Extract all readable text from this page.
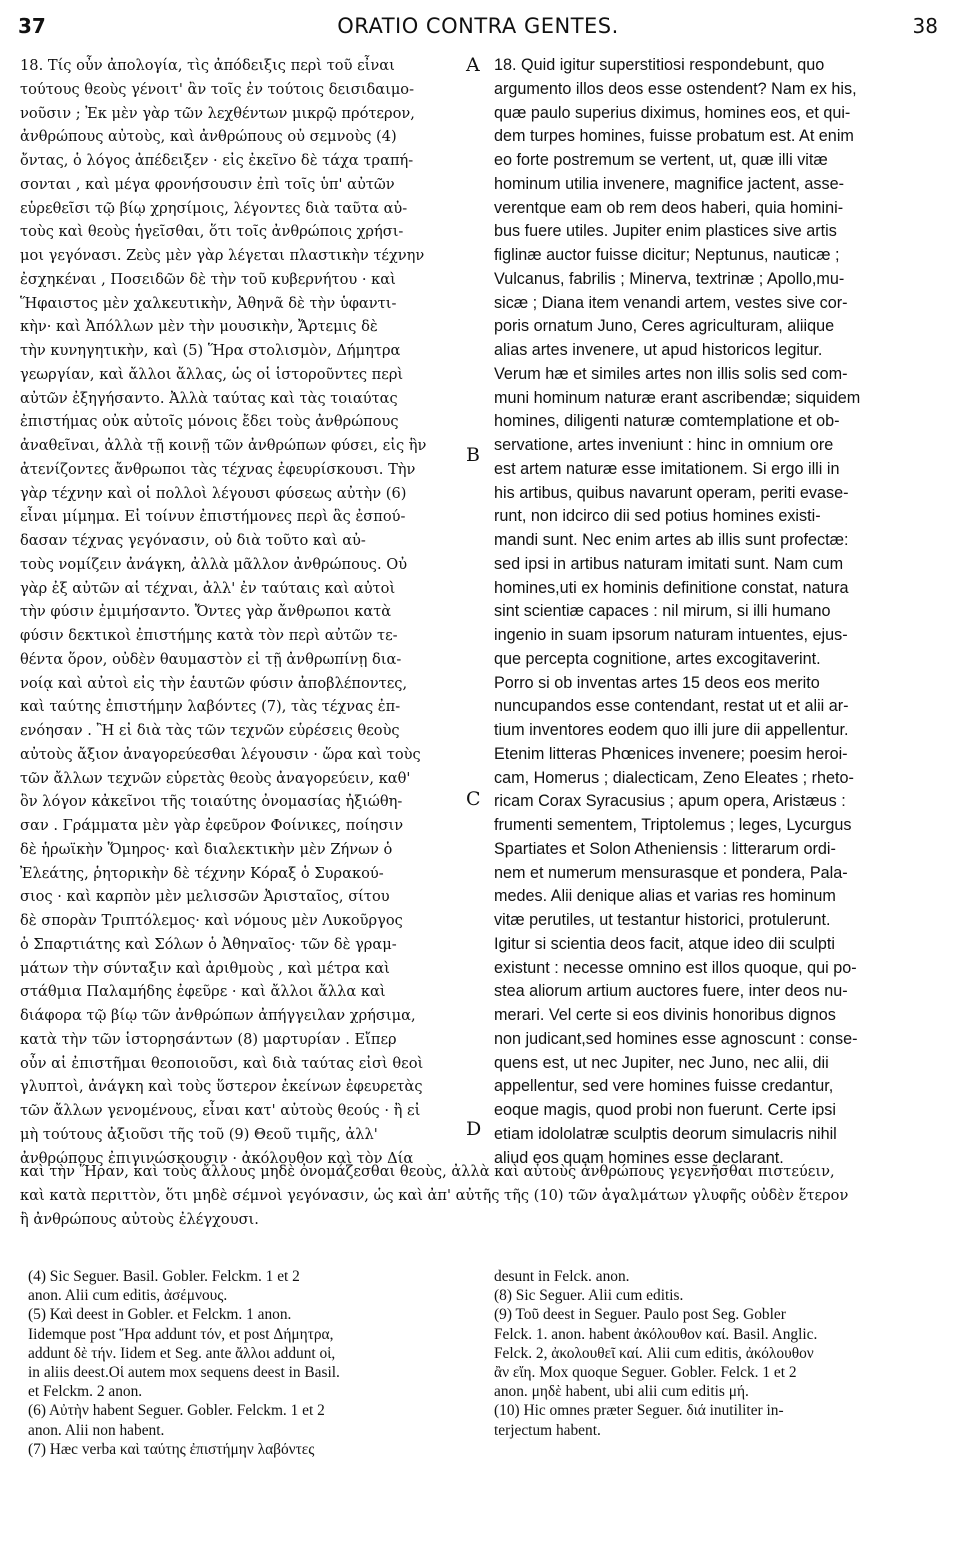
37	ORATIO CONTRA GENTES.	38
18. Τίς οὖν ἀπολογία, τὶς ἀπόδειξις περὶ τοῦ εἶναι
τούτους θεοὺς γένοιτ' ἂν τοῖς ἐν τούτοις δεισιδαιμο-
νοῦσιν ; Ἐκ μὲν γὰρ τῶν λεχθέντων μικρῷ πρότερον,
ἀνθρώπους αὐτοὺς, καὶ ἀνθρώπους οὐ σεμνοὺς (4)
ὄντας, ὁ λόγος ἀπέδειξεν · εἰς ἐκεῖνο δὲ τάχα τραπή-
σονται , καὶ μέγα φρονήσουσιν ἐπὶ τοῖς ὑπ' αὐτῶν
εὑρεθεῖσι τῷ βίῳ χρησίμοις, λέγοντες διὰ ταῦτα αὐ-
τοὺς καὶ θεοὺς ἡγεῖσθαι, ὅτι τοῖς ἀνθρώποις χρήσι-
μοι γεγόνασι. Ζεὺς μὲν γὰρ λέγεται πλαστικὴν τέχνην
ἐσχηκέναι , Ποσειδῶν δὲ τὴν τοῦ κυβερνήτου · καὶ
Ἥφαιστος μὲν χαλκευτικὴν, Ἀθηνᾶ δὲ τὴν ὑφαντι-
κὴν· καὶ Ἀπόλλων μὲν τὴν μουσικὴν, Ἄρτεμις δὲ
τὴν κυνηγητικὴν, καὶ (5) Ἥρα στολισμὸν, Δήμητρα
γεωργίαν, καὶ ἄλλοι ἄλλας, ὡς οἱ ἱστοροῦντες περὶ
αὐτῶν ἐξηγήσαντο. Ἀλλὰ ταύτας καὶ τὰς τοιαύτας
ἐπιστήμας οὐκ αὐτοῖς μόνοις ἔδει τοὺς ἀνθρώπους
ἀναθεῖναι, ἀλλὰ τῇ κοινῇ τῶν ἀνθρώπων φύσει, εἰς ἣν
ἀτενίζοντες ἄνθρωποι τὰς τέχνας ἐφευρίσκουσι. Τὴν
γὰρ τέχνην καὶ οἱ πολλοὶ λέγουσι φύσεως αὐτὴν (6)
εἶναι μίμημα. Εἰ τοίνυν ἐπιστήμονες περὶ ἃς ἐσπού-
δασαν τέχνας γεγόνασιν, οὐ διὰ τοῦτο καὶ αὐ-
τοὺς νομίζειν ἀνάγκη, ἀλλὰ μᾶλλον ἀνθρώπους. Οὐ
γὰρ ἐξ αὐτῶν αἱ τέχναι, ἀλλ' ἐν ταύταις καὶ αὐτοὶ
τὴν φύσιν ἐμιμήσαντο. Ὄντες γὰρ ἄνθρωποι κατὰ
φύσιν δεκτικοὶ ἐπιστήμης κατὰ τὸν περὶ αὐτῶν τε-
θέντα ὅρον, οὐδὲν θαυμαστὸν εἰ τῇ ἀνθρωπίνῃ δια-
νοίᾳ καὶ αὐτοὶ εἰς τὴν ἑαυτῶν φύσιν ἀποβλέποντες,
καὶ ταύτης ἐπιστήμην λαβόντες (7), τὰς τέχνας ἐπ-
ενόησαν . Ἢ εἰ διὰ τὰς τῶν τεχνῶν εὑρέσεις θεοὺς
αὐτοὺς ἄξιον ἀναγορεύεσθαι λέγουσιν · ὥρα καὶ τοὺς
τῶν ἄλλων τεχνῶν εὑρετὰς θεοὺς ἀναγορεύειν, καθ'
ὃν λόγον κἀκεῖνοι τῆς τοιαύτης ὀνομασίας ἠξιώθη-
σαν . Γράμματα μὲν γὰρ ἐφεῦρον Φοίνικες, ποίησιν
δὲ ἡρωϊκὴν Ὅμηρος· καὶ διαλεκτικὴν μὲν Ζήνων ὁ
Ἐλεάτης, ῥητορικὴν δὲ τέχνην Κόραξ ὁ Συρακού-
σιος · καὶ καρπὸν μὲν μελισσῶν Ἀρισταῖος, σίτου
δὲ σπορὰν Τριπτόλεμος· καὶ νόμους μὲν Λυκοῦργος
ὁ Σπαρτιάτης καὶ Σόλων ὁ Ἀθηναῖος· τῶν δὲ γραμ-
μάτων τὴν σύνταξιν καὶ ἀριθμοὺς , καὶ μέτρα καὶ
στάθμια Παλαμήδης ἐφεῦρε · καὶ ἄλλοι ἄλλα καὶ
διάφορα τῷ βίῳ τῶν ἀνθρώπων ἀπήγγειλαν χρήσιμα,
κατὰ τὴν τῶν ἱστορησάντων (8) μαρτυρίαν . Εἴπερ
οὖν αἱ ἐπιστῆμαι θεοποιοῦσι, καὶ διὰ ταύτας εἰσὶ θεοὶ
γλυπτοὶ, ἀνάγκη καὶ τοὺς ὕστερον ἐκείνων ἐφευρετὰς
τῶν ἄλλων γενομένους, εἶναι κατ' αὐτοὺς θεούς · ἢ εἰ
μὴ τούτους ἀξιοῦσι τῆς τοῦ (9) Θεοῦ τιμῆς, ἀλλ'
ἀνθρώπους ἐπιγινώσκουσιν · ἀκόλουθον καὶ τὸν Δία
A
B
C
D
18. Quid igitur superstitiosi respondebunt, quo
argumento illos deos esse ostendent? Nam ex his,
quæ paulo superius diximus, homines eos, et qui-
dem turpes homines, fuisse probatum est. At enim
eo forte postremum se vertent, ut, quæ illi vitæ
hominum utilia invenere, magnifice jactent, asse-
verentque eam ob rem deos haberi, quia homini-
bus fuere utiles. Jupiter enim plastices sive artis
figlinæ auctor fuisse dicitur; Neptunus, nauticæ ;
Vulcanus, fabrilis ; Minerva, textrinæ ; Apollo,mu-
sicæ ; Diana item venandi artem, vestes sive cor-
poris ornatum Juno, Ceres agriculturam, aliique
alias artes invenere, ut apud historicos legitur.
Verum hæ et similes artes non illis solis sed com-
muni hominum naturæ erant ascribendæ; siquidem
homines, diligenti naturæ comtemplatione et ob-
servatione, artes inveniunt : hinc in omnium ore
est artem naturæ esse imitationem. Si ergo illi in
his artibus, quibus navarunt operam, periti evase-
runt, non idcirco dii sed potius homines existi-
mandi sunt. Nec enim artes ab illis sunt profectæ:
sed ipsi in artibus naturam imitati sunt. Nam cum
homines,uti ex hominis definitione constat, natura
sint scientiæ capaces : nil mirum, si illi humano
ingenio in suam ipsorum naturam intuentes, ejus-
que percepta cognitione, artes excogitaverint.
Porro si ob inventas artes 15 deos eos merito
nuncupandos esse contendant, restat ut et alii ar-
tium inventores eodem quo illi jure dii appellentur.
Etenim litteras Phœnices invenere; poesim heroi-
cam, Homerus ; dialecticam, Zeno Eleates ; rheto-
ricam Corax Syracusius ; apum opera, Aristæus :
frumenti sementem, Triptolemus ; leges, Lycurgus
Spartiates et Solon Atheniensis : litterarum ordi-
nem et numerum mensurasque et pondera, Pala-
medes. Alii denique alias et varias res hominum
vitæ perutiles, ut testantur historici, protulerunt.
Igitur si scientia deos facit, atque ideo dii sculpti
existunt : necesse omnino est illos quoque, qui po-
stea aliorum artium auctores fuere, inter deos nu-
merari. Vel certe si eos divinis honoribus dignos
non judicant,sed homines esse agnoscunt : conse-
quens est, ut nec Jupiter, nec Juno, nec alii, dii
appellentur, sed vere homines fuisse credantur,
eoque magis, quod probi non fuerunt. Certe ipsi
etiam idololatræ sculptis deorum simulacris nihil
aliud eos quam homines esse declarant.
καὶ τὴν Ἥραν, καὶ τοὺς ἄλλους μηδὲ ὀνομάζεσθαι θεοὺς, ἀλλὰ καὶ αὐτοὺς ἀνθρώπους γεγενῆσθαι πιστεύειν,
καὶ κατὰ περιττὸν, ὅτι μηδὲ σέμνοὶ γεγόνασιν, ὡς καὶ ἀπ' αὐτῆς τῆς (10) τῶν ἀγαλμάτων γλυφῆς οὐδὲν ἕτερον
ἢ ἀνθρώπους αὐτοὺς ἐλέγχουσι.
(4) Sic Seguer. Basil. Gobler. Felckm. 1 et 2
anon. Alii cum editis, ἀσέμνους.
(5) Καὶ deest in Gobler. et Felckm. 1 anon.
Iidemque post Ἥρα addunt τόν, et post Δήμητρα,
addunt δὲ τήν. Iidem et Seg. ante ἄλλοι addunt οἱ,
in aliis deest.Οἱ autem mox sequens deest in Basil.
et Felckm. 2 anon.
(6) Αὐτὴν habent Seguer. Gobler. Felckm. 1 et 2
anon. Alii non habent.
(7) Hæc verba καὶ ταύτης ἐπιστήμην λαβόντες
desunt in Felck. anon.
(8) Sic Seguer. Alii cum editis.
(9) Τοῦ deest in Seguer. Paulo post Seg. Gobler
Felck. 1. anon. habent ἀκόλουθον καί. Basil. Anglic.
Felck. 2, ἀκολουθεῖ καί. Alii cum editis, ἀκόλουθον
ἂν εἴη. Mox quoque Seguer. Gobler. Felck. 1 et 2
anon. μηδὲ habent, ubi alii cum editis μή.
(10) Hic omnes præter Seguer. διά inutiliter in-
terjectum habent.
